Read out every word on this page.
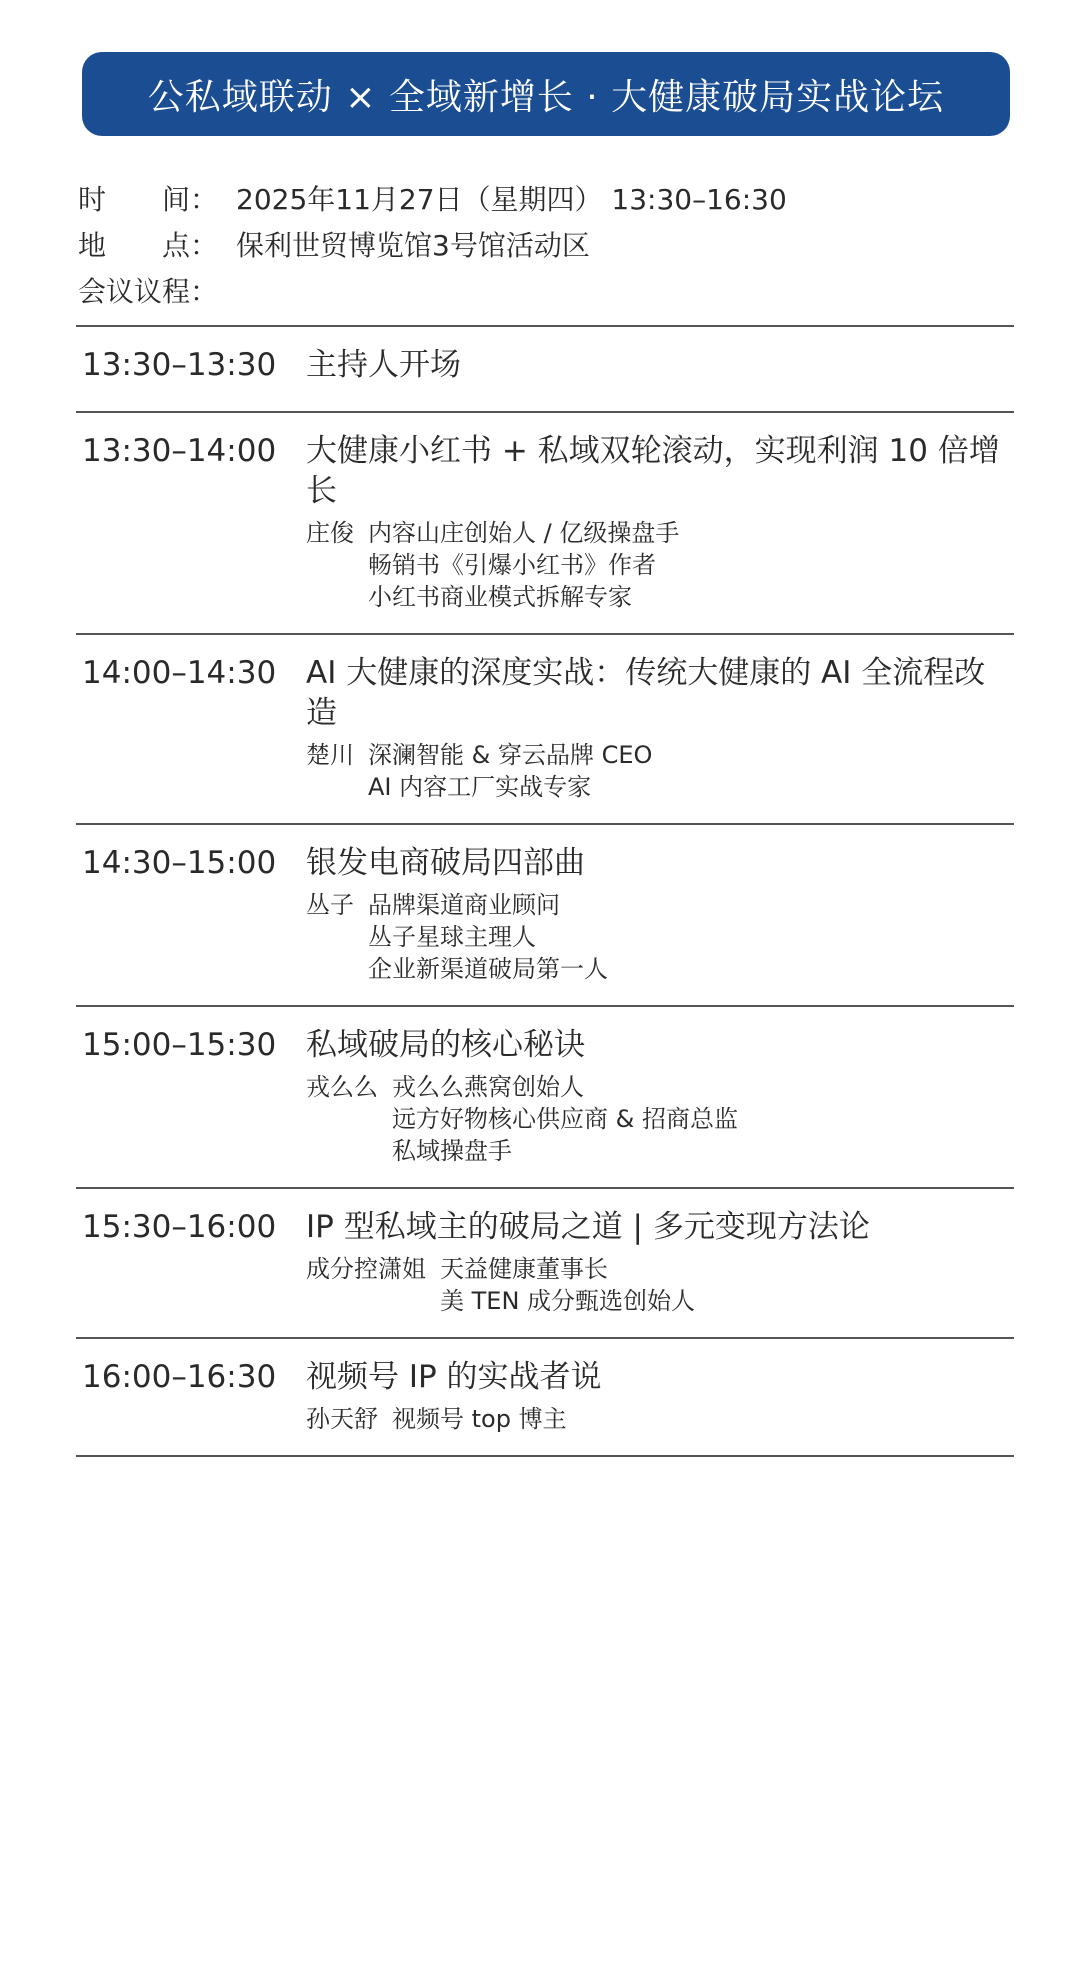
公私域联动 × 全域新增长 · 大健康破局实战论坛
时　　间： 2025年11月27日（星期四） 13:30–16:30
地　　点： 保利世贸博览馆3号馆活动区
会议议程：
13:30–13:30 主持人开场
13:30–14:00 大健康小红书 + 私域双轮滚动，实现利润 10 倍增长
庄俊 内容山庄创始人 / 亿级操盘手
畅销书《引爆小红书》作者
小红书商业模式拆解专家
14:00–14:30 AI 大健康的深度实战：传统大健康的 AI 全流程改造
楚川 深澜智能 & 穿云品牌 CEO
AI 内容工厂实战专家
14:30–15:00 银发电商破局四部曲
丛子 品牌渠道商业顾问
丛子星球主理人
企业新渠道破局第一人
15:00–15:30 私域破局的核心秘诀
戎么么 戎么么燕窝创始人
远方好物核心供应商 & 招商总监
私域操盘手
15:30–16:00 IP 型私域主的破局之道 | 多元变现方法论
成分控潇姐 天益健康董事长
美 TEN 成分甄选创始人
16:00–16:30 视频号 IP 的实战者说
孙天舒 视频号 top 博主
